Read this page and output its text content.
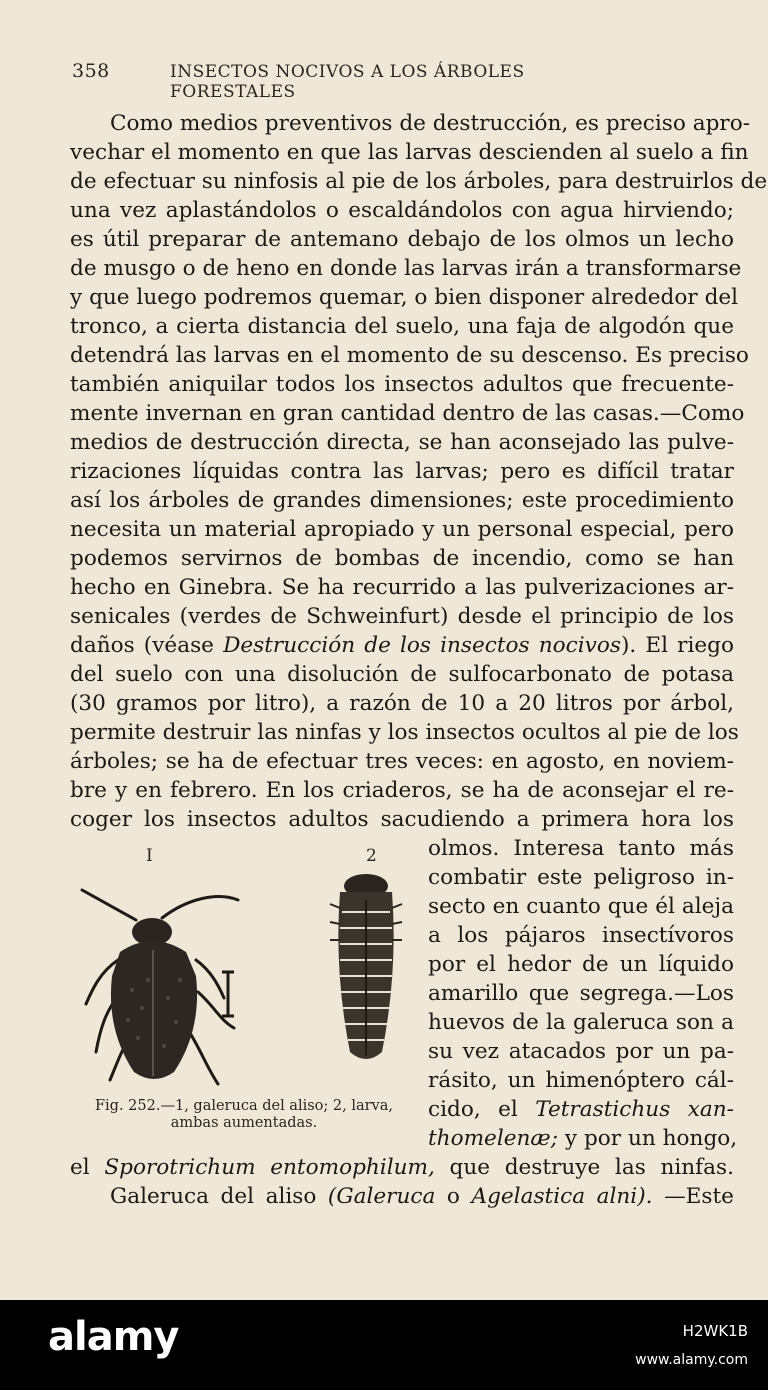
358	INSECTOS NOCIVOS A LOS ÁRBOLES FORESTALES
Como medios preventivos de destrucción, es preciso apro-
vechar el momento en que las larvas descienden al suelo a fin
de efectuar su ninfosis al pie de los árboles, para destruirlos de
una vez aplastándolos o escaldándolos con agua hirviendo;
es útil preparar de antemano debajo de los olmos un lecho
de musgo o de heno en donde las larvas irán a transformarse
y que luego podremos quemar, o bien disponer alrededor del
tronco, a cierta distancia del suelo, una faja de algodón que
detendrá las larvas en el momento de su descenso. Es preciso
también aniquilar todos los insectos adultos que frecuente-
mente invernan en gran cantidad dentro de las casas.—Como
medios de destrucción directa, se han aconsejado las pulve-
rizaciones líquidas contra las larvas; pero es difícil tratar
así los árboles de grandes dimensiones; este procedimiento
necesita un material apropiado y un personal especial, pero
podemos servirnos de bombas de incendio, como se han
hecho en Ginebra. Se ha recurrido a las pulverizaciones ar-
senicales (verdes de Schweinfurt) desde el principio de los
daños (véase Destrucción de los insectos nocivos). El riego
del suelo con una disolución de sulfocarbonato de potasa
(30 gramos por litro), a razón de 10 a 20 litros por árbol,
permite destruir las ninfas y los insectos ocultos al pie de los
árboles; se ha de efectuar tres veces: en agosto, en noviem-
bre y en febrero. En los criaderos, se ha de aconsejar el re-
coger los insectos adultos sacudiendo a primera hora los
olmos. Interesa tanto más
combatir este peligroso in-
secto en cuanto que él aleja
a los pájaros insectívoros
por el hedor de un líquido
amarillo que segrega.—Los
huevos de la galeruca son a
su vez atacados por un pa-
rásito, un himenóptero cál-
cido, el Tetrastichus xan-
thomelenæ; y por un hongo,
el Sporotrichum entomophilum, que destruye las ninfas.
Galeruca del aliso (Galeruca o Agelastica alni). —Este
I	2
Fig. 252.—1, galeruca del aliso; 2, larva,
ambas aumentadas.
alamy	H2WK1B
www.alamy.com
